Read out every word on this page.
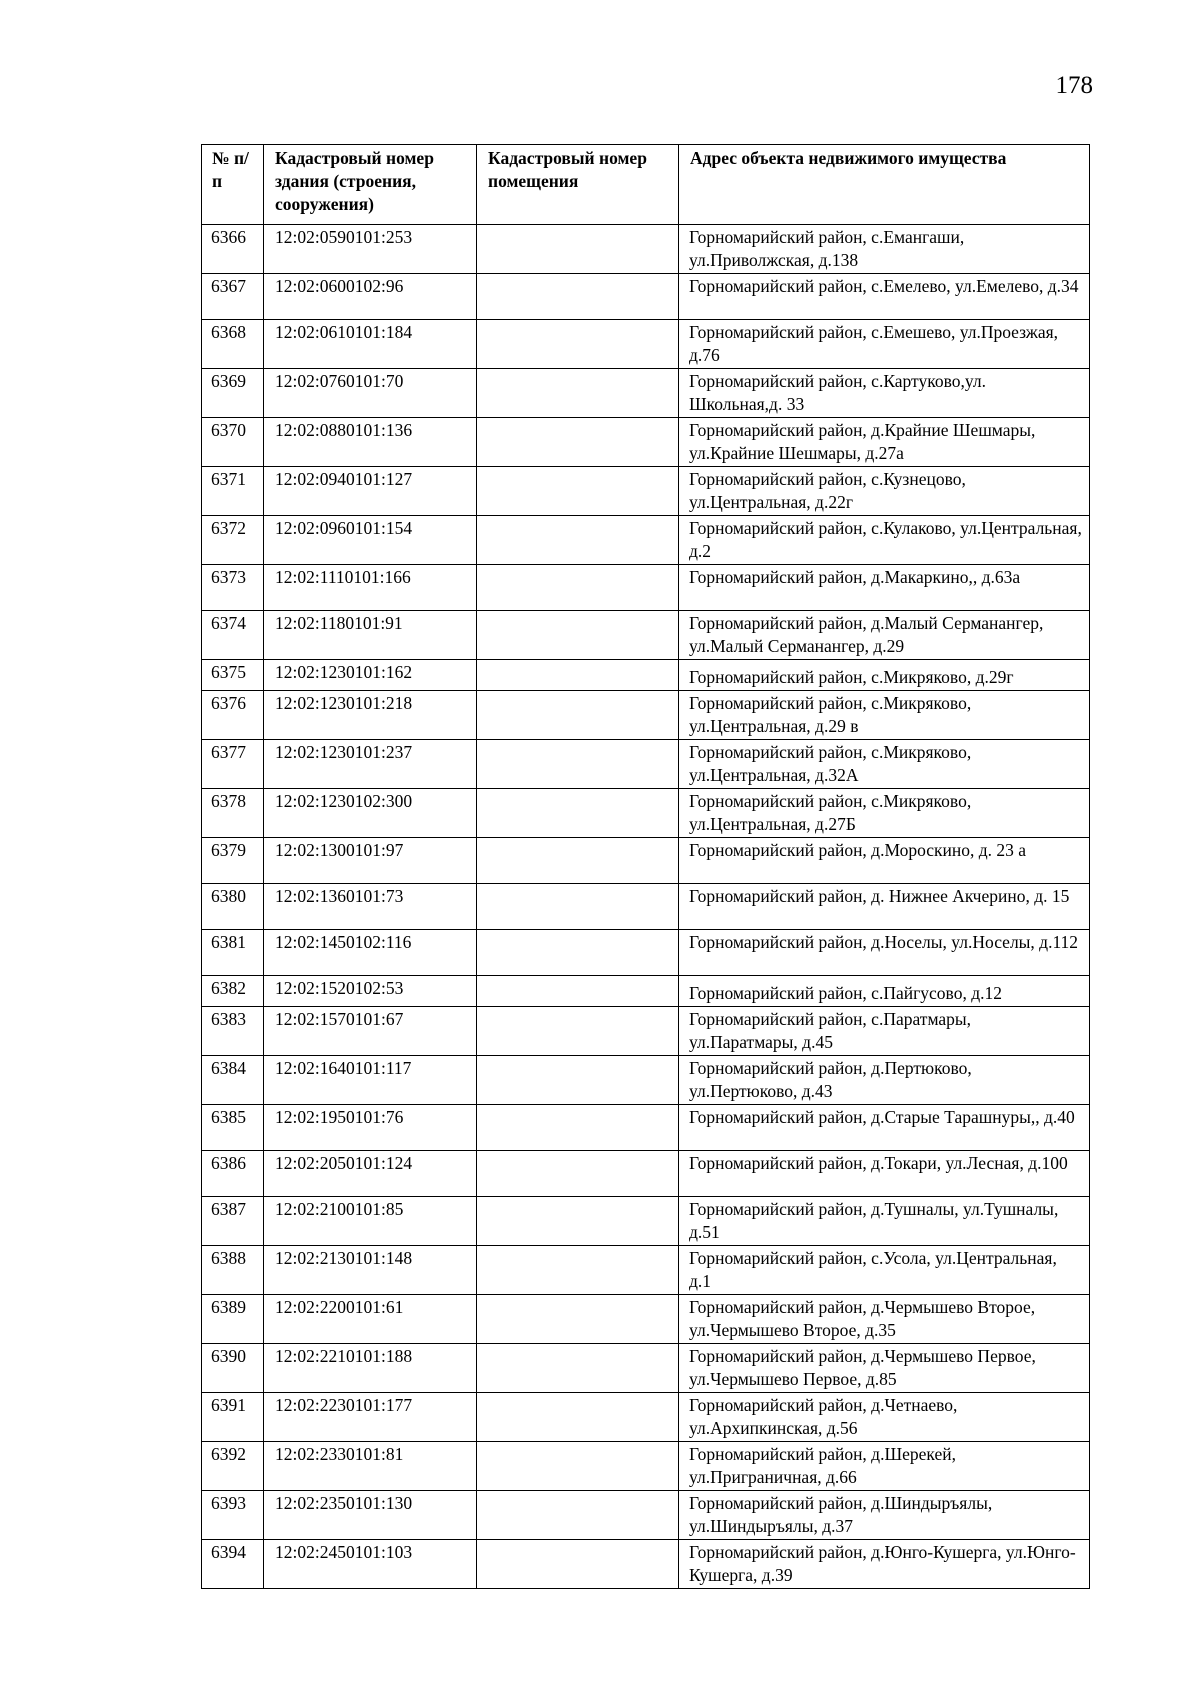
178
№ п/п	Кадастровый номер здания (строения, сооружения)	Кадастровый номер помещения	Адрес объекта недвижимого имущества
6366	12:02:0590101:253		Горномарийский район, с.Емангаши, ул.Приволжская, д.138
6367	12:02:0600102:96		Горномарийский район, с.Емелево, ул.Емелево, д.34
6368	12:02:0610101:184		Горномарийский район, с.Емешево, ул.Проезжая, д.76
6369	12:02:0760101:70		Горномарийский район, с.Картуково,ул. Школьная,д. 33
6370	12:02:0880101:136		Горномарийский район, д.Крайние Шешмары, ул.Крайние Шешмары, д.27а
6371	12:02:0940101:127		Горномарийский район, с.Кузнецово, ул.Центральная, д.22г
6372	12:02:0960101:154		Горномарийский район, с.Кулаково, ул.Центральная, д.2
6373	12:02:1110101:166		Горномарийский район, д.Макаркино,, д.63а
6374	12:02:1180101:91		Горномарийский район, д.Малый Серманангер, ул.Малый Серманангер, д.29
6375	12:02:1230101:162		Горномарийский район, с.Микряково, д.29г
6376	12:02:1230101:218		Горномарийский район, с.Микряково, ул.Центральная, д.29 в
6377	12:02:1230101:237		Горномарийский район, с.Микряково, ул.Центральная, д.32А
6378	12:02:1230102:300		Горномарийский район, с.Микряково, ул.Центральная, д.27Б
6379	12:02:1300101:97		Горномарийский район, д.Мороскино, д. 23 а
6380	12:02:1360101:73		Горномарийский район, д. Нижнее Акчерино, д. 15
6381	12:02:1450102:116		Горномарийский район, д.Носелы, ул.Носелы, д.112
6382	12:02:1520102:53		Горномарийский район, с.Пайгусово, д.12
6383	12:02:1570101:67		Горномарийский район, с.Паратмары, ул.Паратмары, д.45
6384	12:02:1640101:117		Горномарийский район, д.Пертюково, ул.Пертюково, д.43
6385	12:02:1950101:76		Горномарийский район, д.Старые Тарашнуры,, д.40
6386	12:02:2050101:124		Горномарийский район, д.Токари, ул.Лесная, д.100
6387	12:02:2100101:85		Горномарийский район, д.Тушналы, ул.Тушналы, д.51
6388	12:02:2130101:148		Горномарийский район, с.Усола, ул.Центральная, д.1
6389	12:02:2200101:61		Горномарийский район, д.Чермышево Второе, ул.Чермышево Второе, д.35
6390	12:02:2210101:188		Горномарийский район, д.Чермышево Первое, ул.Чермышево Первое, д.85
6391	12:02:2230101:177		Горномарийский район, д.Четнаево, ул.Архипкинская, д.56
6392	12:02:2330101:81		Горномарийский район, д.Шерекей, ул.Пригpаничная, д.66
6393	12:02:2350101:130		Горномарийский район, д.Шиндыръялы, ул.Шиндыръялы, д.37
6394	12:02:2450101:103		Горномарийский район, д.Юнго-Кушерга, ул.Юнго-Кушерга, д.39
